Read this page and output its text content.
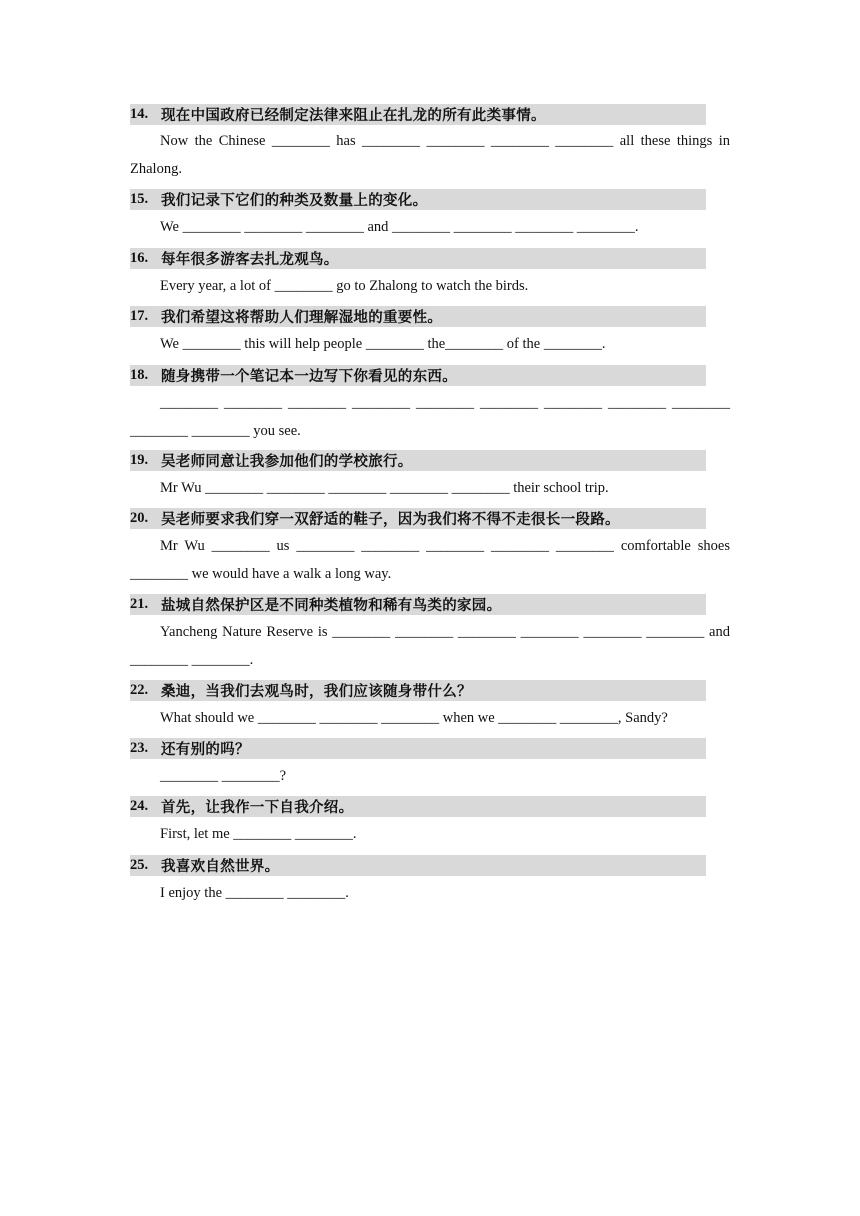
14. 现在中国政府已经制定法律来阻止在扎龙的所有此类事情。
Now the Chinese ________ has ________ ________ ________ ________ all these things in Zhalong.
15. 我们记录下它们的种类及数量上的变化。
We ________ ________ ________ and ________ ________ ________ ________.
16. 每年很多游客去扎龙观鸟。
Every year, a lot of ________ go to Zhalong to watch the birds.
17. 我们希望这将帮助人们理解湿地的重要性。
We ________ this will help people ________ the________ of the ________.
18. 随身携带一个笔记本一边写下你看见的东西。
________ ________ ________ ________ ________ ________ ________ ________ ________ ________ ________ you see.
19. 吴老师同意让我参加他们的学校旅行。
Mr Wu ________ ________ ________ ________ ________ their school trip.
20. 吴老师要求我们穿一双舒适的鞋子，因为我们将不得不走很长一段路。
Mr Wu ________ us ________ ________ ________ ________ ________ comfortable shoes ________ we would have a walk a long way.
21. 盐城自然保护区是不同种类植物和稀有鸟类的家园。
Yancheng Nature Reserve is ________ ________ ________ ________ ________ ________ and ________ ________.
22. 桑迪，当我们去观鸟时，我们应该随身带什么？
What should we ________ ________ ________ when we ________ ________, Sandy?
23. 还有别的吗？
________ ________?
24. 首先，让我作一下自我介绍。
First, let me ________ ________.
25. 我喜欢自然世界。
I enjoy the ________ ________.
